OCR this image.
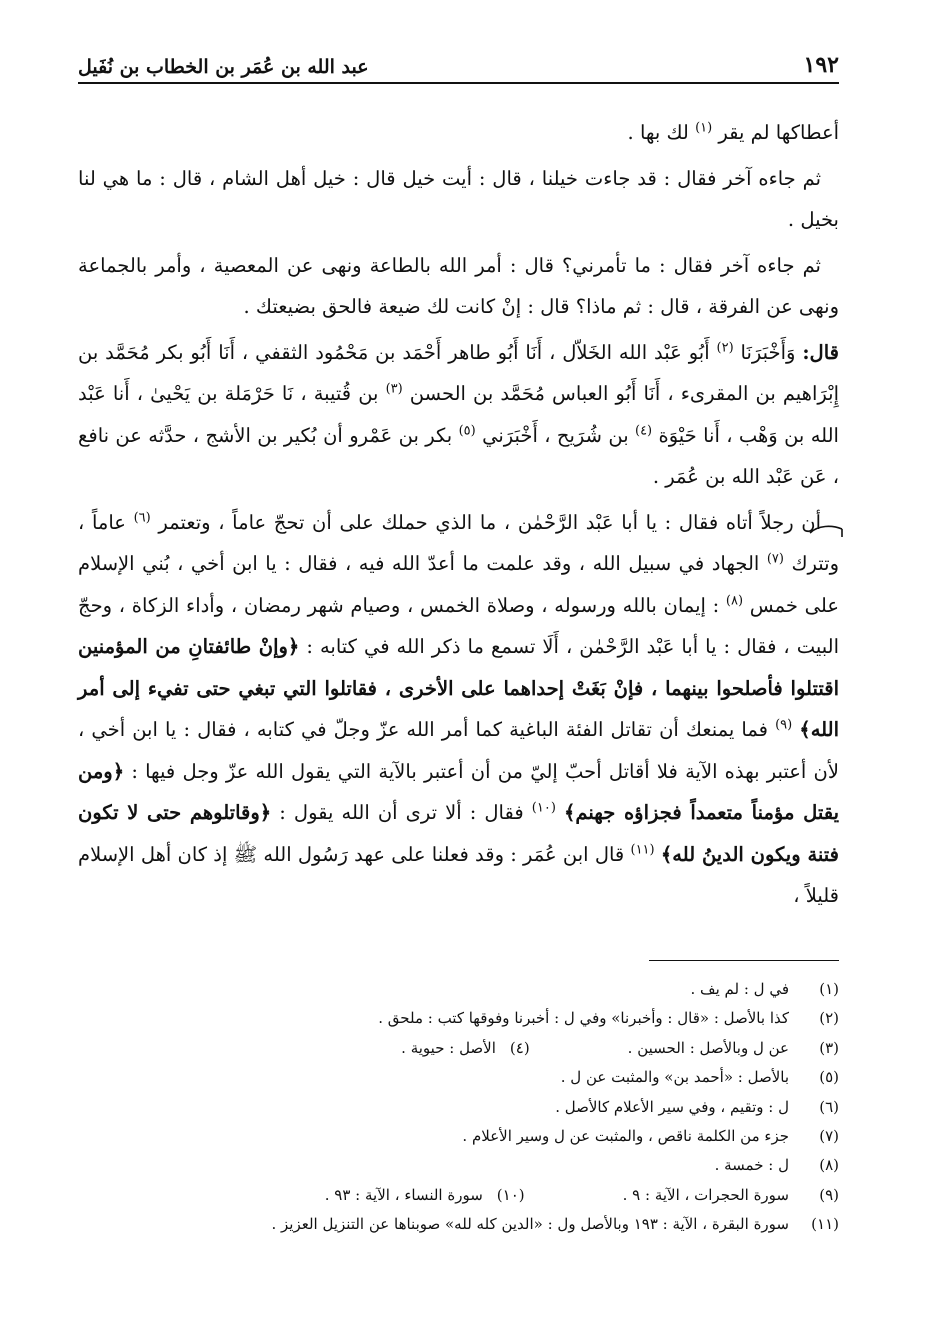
١٩٢
عبد الله بن عُمَر بن الخطاب بن نُفَيل

أعطاكها لم يقر $^{(١)}$ لك بها .

ثم جاءه آخر فقال : قد جاءت خيلنا ، قال : أيت خيل قال : خيل أهل الشام ، قال : ما هي لنا بخيل .

ثم جاءه آخر فقال : ما تأمرني؟ قال : أمر الله بالطاعة ونهى عن المعصية ، وأمر بالجماعة ونهى عن الفرقة ، قال : ثم ماذا؟ قال : إنْ كانت لك ضيعة فالحق بضيعتك .

قال: وَأَخْبَرَنَا $^{(٢)}$ أَبُو عَبْد الله الخَلاّل ، أَنَا أَبُو طاهر أَحْمَد بن مَحْمُود الثقفي ، أَنَا أَبُو بكر مُحَمَّد بن إِبْرَاهيم بن المقرىء ، أَنَا أَبُو العباس مُحَمَّد بن الحسن $^{(٣)}$ بن قُتيبة ، نَا حَرْمَلة بن يَحْيىٰ ، أَنا عَبْد الله بن وَهْب ، أَنا حَيْوَة $^{(٤)}$ بن شُرَيح ، أَخْبَرَني $^{(٥)}$ بكر بن عَمْرو أن بُكير بن الأشج ، حدَّثه عن نافع ، عَن عَبْد الله بن عُمَر .

أن رجلاً أتاه فقال : يا أبا عَبْد الرَّحْمٰن ، ما الذي حملك على أن تحجّ عاماً ، وتعتمر $^{(٦)}$ عاماً ، وتترك $^{(٧)}$ الجهاد في سبيل الله ، وقد علمت ما أعدّ الله فيه ، فقال : يا ابن أخي ، بُني الإسلام على خمس $^{(٨)}$ : إيمان بالله ورسوله ، وصلاة الخمس ، وصيام شهر رمضان ، وأداء الزكاة ، وحجّ البيت ، فقال : يا أبا عَبْد الرَّحْمٰن ، أَلَا تسمع ما ذكر الله في كتابه : ﴿وإنْ طائفتانِ من المؤمنين اقتتلوا فأصلحوا بينهما ، فإنْ بَغَتْ إحداهما على الأخرى ، فقاتلوا التي تبغي حتى تفيء إلى أمر الله﴾ $^{(٩)}$ فما يمنعك أن تقاتل الفئة الباغية كما أمر الله عزّ وجلّ في كتابه ، فقال : يا ابن أخي ، لأن أعتبر بهذه الآية فلا أقاتل أحبّ إليّ من أن أعتبر بالآية التي يقول الله عزّ وجل فيها : ﴿ومن يقتل مؤمناً متعمداً فجزاؤه جهنم﴾ $^{(١٠)}$ فقال : ألا ترى أن الله يقول : ﴿وقاتلوهم حتى لا تكون فتنة ويكون الدينُ لله﴾ $^{(١١)}$ قال ابن عُمَر : وقد فعلنا على عهد رَسُول الله ﷺ إذ كان أهل الإسلام قليلاً ،

(١)
في ل : لم يف .
(٢)
كذا بالأصل : «قال : وأخبرنا» وفي ل : أخبرنا وفوقها كتب : ملحق .
(٣)
عن ل وبالأصل : الحسين .
(٤)
الأصل : حيوية .
(٥)
بالأصل : «أحمد بن» والمثبت عن ل .
(٦)
ل : وتقيم ، وفي سير الأعلام كالأصل .
(٧)
جزء من الكلمة ناقص ، والمثبت عن ل وسير الأعلام .
(٨)
ل : خمسة .
(٩)
سورة الحجرات ، الآية : ٩ .
(١٠)
سورة النساء ، الآية : ٩٣ .
(١١)
سورة البقرة ، الآية : ١٩٣ وبالأصل ول : «الدين كله لله» صوبناها عن التنزيل العزيز .
